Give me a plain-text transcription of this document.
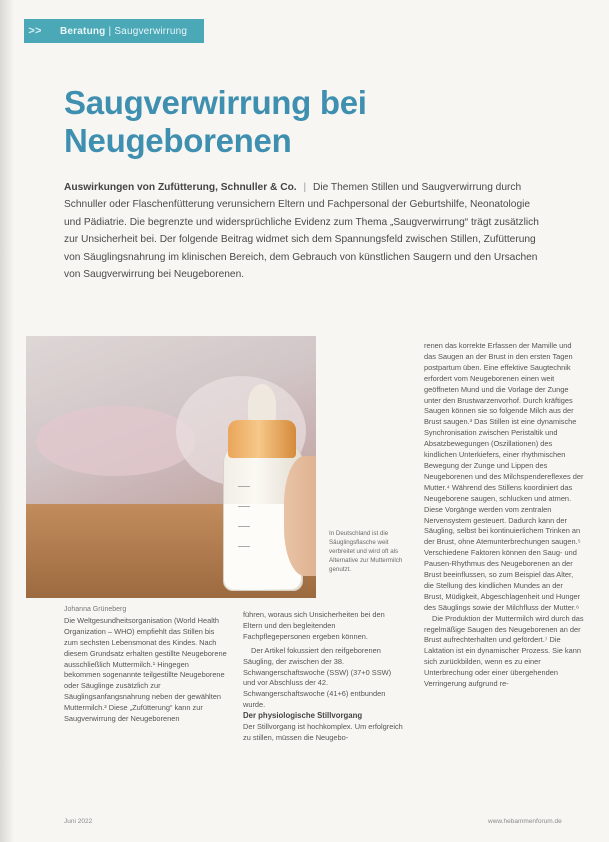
>>	Beratung | Saugverwirrung
Saugverwirrung bei Neugeborenen

Auswirkungen von Zufütterung, Schnuller & Co. | Die Themen Stillen und Saugverwirrung durch Schnuller oder Flaschenfütterung verunsichern Eltern und Fachpersonal der Geburtshilfe, Neonatologie und Pädiatrie. Die begrenzte und widersprüchliche Evidenz zum Thema „Saugverwirrung“ trägt zusätzlich zur Unsicherheit bei. Der folgende Beitrag widmet sich dem Spannungsfeld zwischen Stillen, Zufütterung von Säuglingsnahrung im klinischen Bereich, dem Gebrauch von künstlichen Saugern und den Ursachen von Saugverwirrung bei Neugeborenen.

In Deutschland ist die Säuglingsflasche weit verbreitet und wird oft als Alternative zur Muttermilch genutzt.

renen das korrekte Erfassen der Mamille und das Saugen an der Brust in den ersten Tagen postpartum üben. Eine effektive Saugtechnik erfordert vom Neugeborenen einen weit geöffneten Mund und die Vorlage der Zunge unter den Brustwarzenvorhof. Durch kräftiges Saugen können sie so folgende Milch aus der Brust saugen.³ Das Stillen ist eine dynamische Synchronisation zwischen Peristaltik und Absatzbewegungen (Oszillationen) des kindlichen Unterkiefers, einer rhythmischen Bewegung der Zunge und Lippen des Neugeborenen und des Milchspendereflexes der Mutter.⁴ Während des Stillens koordiniert das Neugeborene saugen, schlucken und atmen. Diese Vorgänge werden vom zentralen Nervensystem gesteuert. Dadurch kann der Säugling, selbst bei kontinuierlichem Trinken an der Brust, ohne Atemunterbrechungen saugen.⁵ Verschiedene Faktoren können den Saug- und Pausen-Rhythmus des Neugeborenen an der Brust beeinflussen, so zum Beispiel das Alter, die Stellung des kindlichen Mundes an der Brust, Müdigkeit, Abgeschlagenheit und Hunger des Säuglings sowie der Milchfluss der Mutter.⁶

Die Produktion der Muttermilch wird durch das regelmäßige Saugen des Neugeborenen an der Brust aufrechterhalten und gefördert.⁷ Die Laktation ist ein dynamischer Prozess. Sie kann sich zurückbilden, wenn es zu einer Unterbrechung oder einer übergehenden Verringerung aufgrund re-

Johanna Grüneberg

Die Weltgesundheitsorganisation (World Health Organization – WHO) empfiehlt das Stillen bis zum sechsten Lebensmonat des Kindes. Nach diesem Grundsatz erhalten gestillte Neugeborene ausschließlich Muttermilch.¹ Hingegen bekommen sogenannte teilgestillte Neugeborene oder Säuglinge zusätzlich zur Säuglingsanfangsnahrung neben der gewählten Muttermilch.² Diese „Zufütterung“ kann zur Saugverwirrung der Neugeborenen

führen, woraus sich Unsicherheiten bei den Eltern und den begleitenden Fachpflegepersonen ergeben können.

Der Artikel fokussiert den reifgeborenen Säugling, der zwischen der 38. Schwangerschaftswoche (SSW) (37+0 SSW) und vor Abschluss der 42. Schwangerschaftswoche (41+6) entbunden wurde.

Der physiologische Stillvorgang

Der Stillvorgang ist hochkomplex. Um erfolgreich zu stillen, müssen die Neugebo-

Juni 2022	www.hebammenforum.de
